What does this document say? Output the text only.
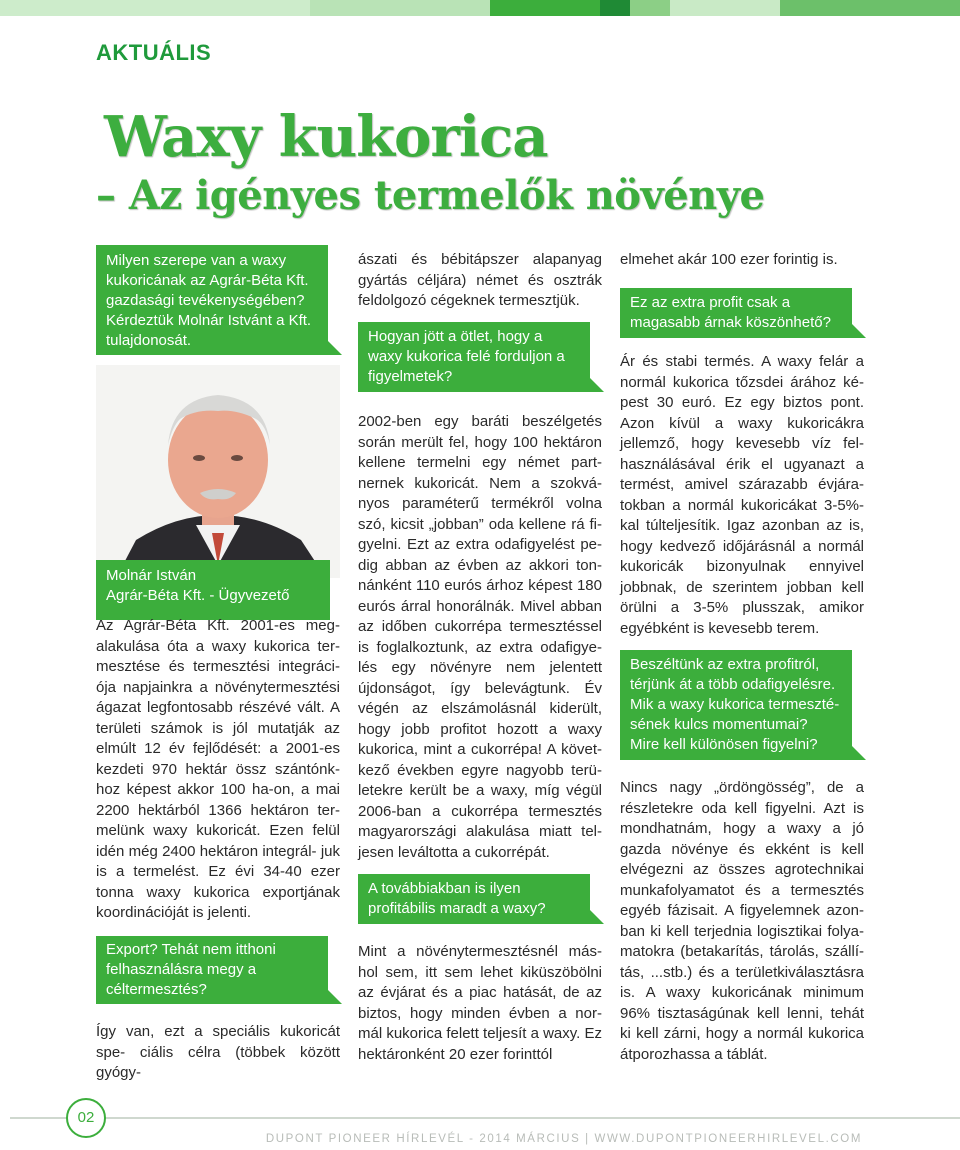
AKTUÁLIS
Waxy kukorica
– Az igényes termelők növénye
Milyen szerepe van a waxy
kukoricának az Agrár-Béta Kft.
gazdasági tevékenységében?
Kérdeztük Molnár Istvánt a Kft.
tulajdonosát.
Molnár István
Agrár-Béta Kft. - Ügyvezető

Az Agrár-Béta Kft. 2001-es meg- alakulása óta a waxy kukorica ter- mesztése és termesztési integráci- ója napjainkra a növénytermesztési ágazat legfontosabb részévé vált. A területi számok is jól mutatják az elmúlt 12 év fejlődését: a 2001-es kezdeti 970 hektár össz szántónk- hoz képest akkor 100 ha-on, a mai 2200 hektárból 1366 hektáron ter- melünk waxy kukoricát. Ezen felül idén még 2400 hektáron integrál- juk is a termelést. Ez évi 34-40 ezer tonna waxy kukorica exportjának koordinációját is jelenti.

Export? Tehát nem itthoni
felhasználásra megy a
céltermesztés?

Így van, ezt a speciális kukoricát spe- ciális célra (többek között gyógy-

ászati és bébitápszer alapanyag gyártás céljára) német és osztrák feldolgozó cégeknek termesztjük.

Hogyan jött a ötlet, hogy a
waxy kukorica felé forduljon a
figyelmetek?

2002-ben egy baráti beszélgetés során merült fel, hogy 100 hektáron kellene termelni egy német part- nernek kukoricát. Nem a szokvá- nyos paraméterű termékről volna szó, kicsit „jobban” oda kellene rá fi- gyelni. Ezt az extra odafigyelést pe- dig abban az évben az akkori ton- nánként 110 eurós árhoz képest 180 eurós árral honorálnák. Mivel abban az időben cukorrépa termesztéssel is foglalkoztunk, az extra odafigye- lés egy növényre nem jelentett újdonságot, így belevágtunk. Év végén az elszámolásnál kiderült, hogy jobb profitot hozott a waxy kukorica, mint a cukorrépa! A követ- kező években egyre nagyobb terü- letekre került be a waxy, míg végül 2006-ban a cukorrépa termesztés magyarországi alakulása miatt tel- jesen leváltotta a cukorrépát.

A továbbiakban is ilyen
profitábilis maradt a waxy?

Mint a növénytermesztésnél más- hol sem, itt sem lehet kiküszöbölni az évjárat és a piac hatását, de az biztos, hogy minden évben a nor- mál kukorica felett teljesít a waxy. Ez hektáronként 20 ezer forinttól

elmehet akár 100 ezer forintig is.

Ez az extra profit csak a
magasabb árnak köszönhető?

Ár és stabi termés. A waxy felár a normál kukorica tőzsdei árához ké- pest 30 euró. Ez egy biztos pont. Azon kívül a waxy kukoricákra jellemző, hogy kevesebb víz fel- használásával érik el ugyanazt a termést, amivel szárazabb évjára- tokban a normál kukoricákat 3-5%- kal túlteljesítik. Igaz azonban az is, hogy kedvező időjárásnál a normál kukoricák bizonyulnak ennyivel jobbnak, de szerintem jobban kell örülni a 3-5% plusszak, amikor egyébként is kevesebb terem.

Beszéltünk az extra profitról,
térjünk át a több odafigyelésre.
Mik a waxy kukorica termeszté-
sének kulcs momentumai?
Mire kell különösen figyelni?

Nincs nagy „ördöngösség”, de a részletekre oda kell figyelni. Azt is mondhatnám, hogy a waxy a jó gazda növénye és ekként is kell elvégezni az összes agrotechnikai munkafolyamatot és a termesztés egyéb fázisait. A figyelemnek azon- ban ki kell terjednia logisztikai folya- matokra (betakarítás, tárolás, szállí- tás, ...stb.) és a területkiválasztásra is. A waxy kukoricának minimum 96% tisztaságúnak kell lenni, tehát ki kell zárni, hogy a normál kukorica átporozhassa a táblát.

02
DUPONT PIONEER HÍRLEVÉL - 2014 MÁRCIUS | WWW.DUPONTPIONEERHIRLEVEL.COM
